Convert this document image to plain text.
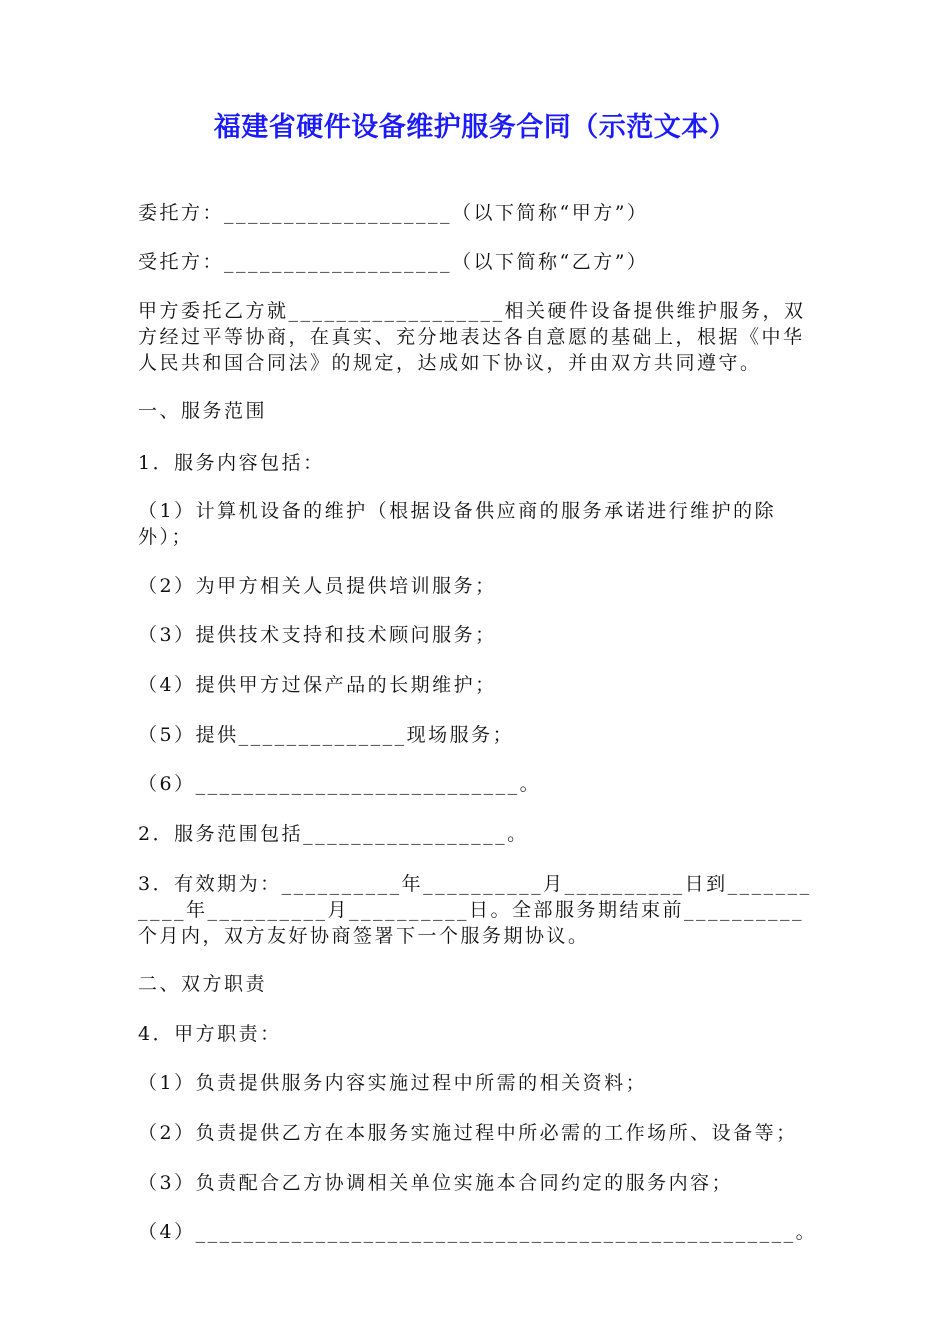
福建省硬件设备维护服务合同（示范文本）
委托方：___________________（以下简称“甲方”）
受托方：___________________（以下简称“乙方”）
甲方委托乙方就__________________相关硬件设备提供维护服务，双方经过平等协商，在真实、充分地表达各自意愿的基础上，根据《中华人民共和国合同法》的规定，达成如下协议，并由双方共同遵守。
一、服务范围
1．服务内容包括：
（1）计算机设备的维护（根据设备供应商的服务承诺进行维护的除外）；
（2）为甲方相关人员提供培训服务；
（3）提供技术支持和技术顾问服务；
（4）提供甲方过保产品的长期维护；
（5）提供______________现场服务；
（6）___________________________。
2．服务范围包括_________________。
3．有效期为：__________年__________月__________日到___________年__________月__________日。全部服务期结束前__________个月内，双方友好协商签署下一个服务期协议。
二、双方职责
4．甲方职责：
（1）负责提供服务内容实施过程中所需的相关资料；
（2）负责提供乙方在本服务实施过程中所必需的工作场所、设备等；
（3）负责配合乙方协调相关单位实施本合同约定的服务内容；
（4）__________________________________________________。
